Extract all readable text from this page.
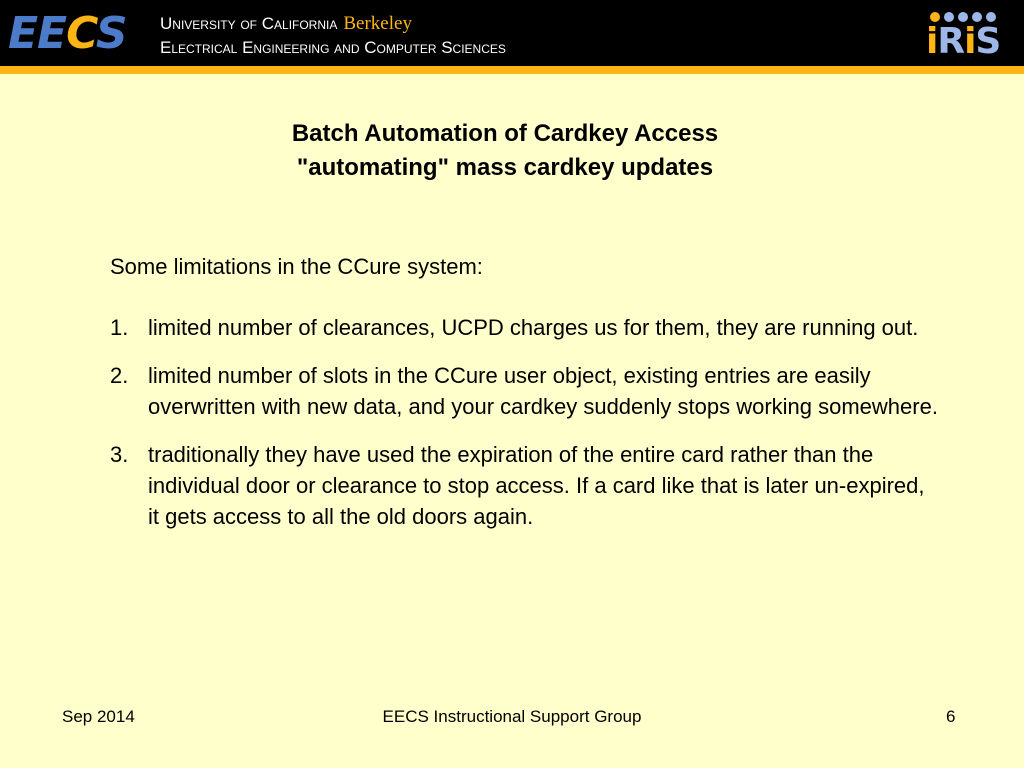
EECS University of California Berkeley
Electrical Engineering and Computer Sciences	iRiS
Batch Automation of Cardkey Access
"automating" mass cardkey updates
Some limitations in the CCure system:
1. limited number of clearances, UCPD charges us for them, they are running out.
2. limited number of slots in the CCure user object, existing entries are easily overwritten with new data, and your cardkey suddenly stops working somewhere.
3. traditionally they have used the expiration of the entire card rather than the individual door or clearance to stop access. If a card like that is later un-expired, it gets access to all the old doors again.
Sep 2014	EECS Instructional Support Group	6
